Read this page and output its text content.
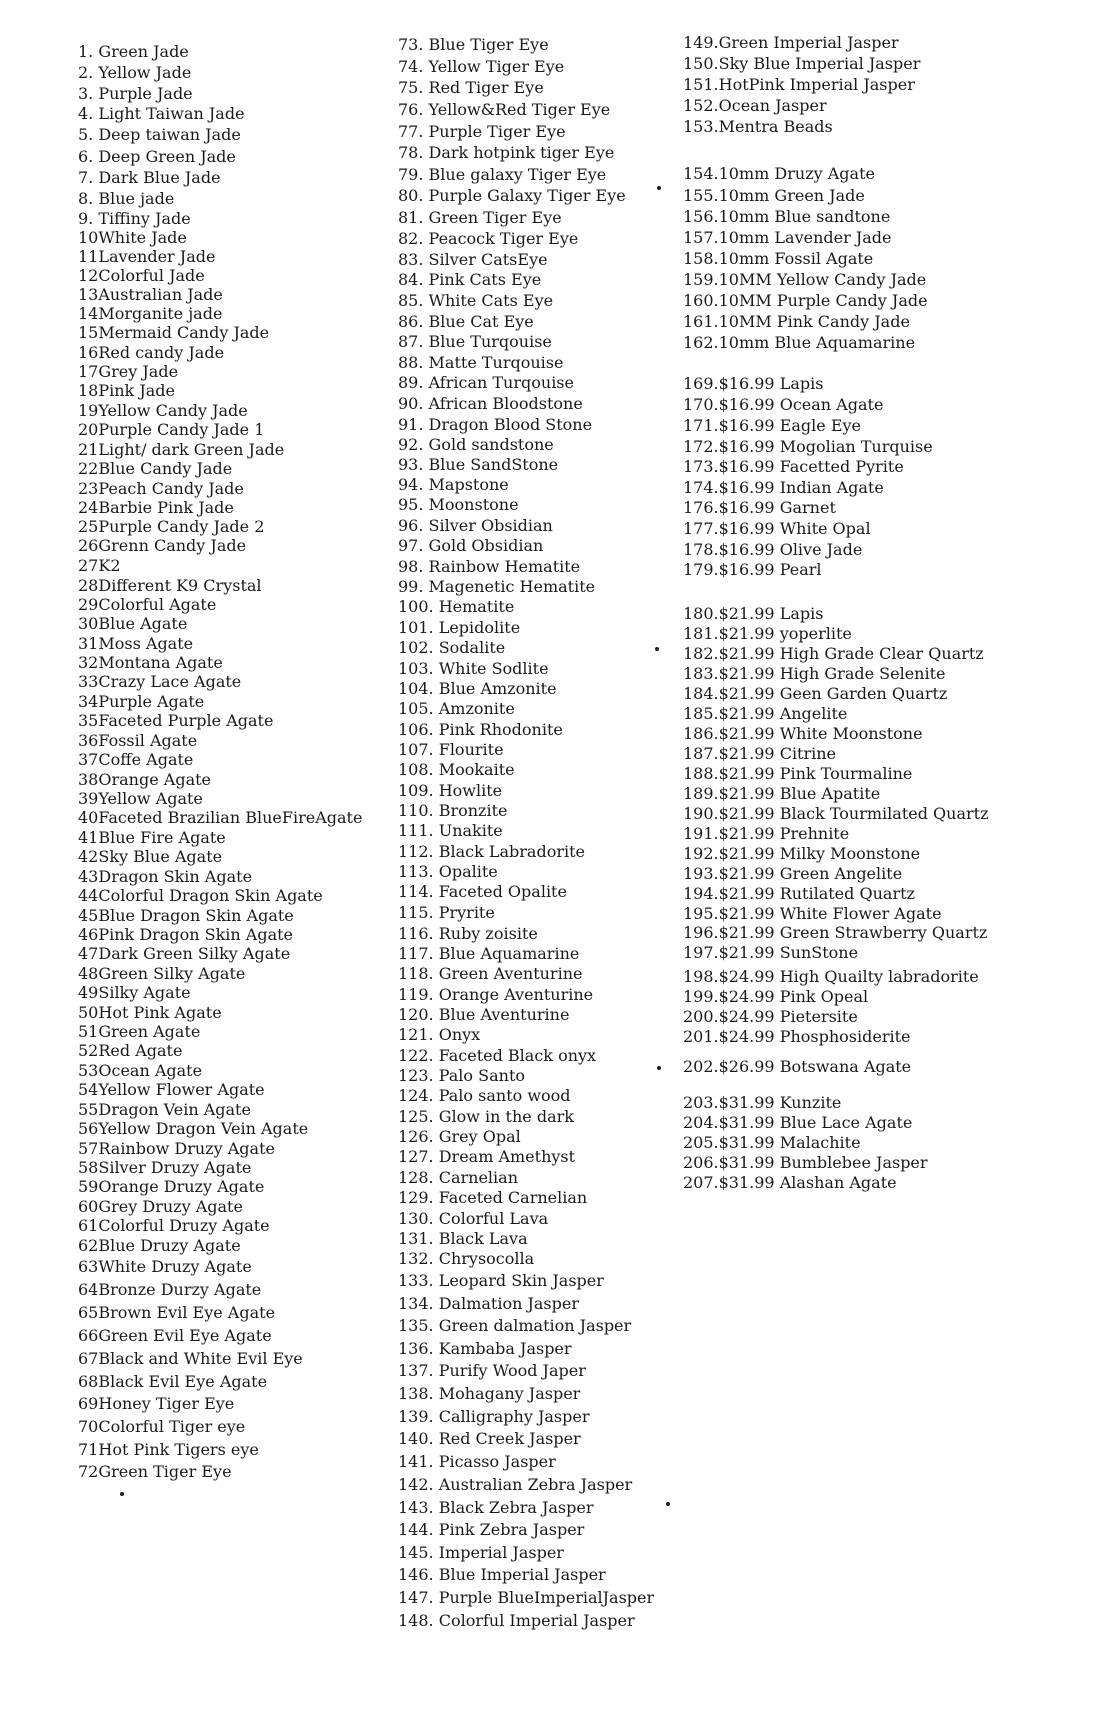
1. Green Jade
2. Yellow Jade
3. Purple Jade
4. Light Taiwan Jade
5. Deep taiwan Jade
6. Deep Green Jade
7. Dark Blue Jade
8. Blue jade
9. Tiffiny Jade
10White Jade
11Lavender Jade
12Colorful Jade
13Australian Jade
14Morganite jade
15Mermaid Candy Jade
16Red candy Jade
17Grey Jade
18Pink Jade
19Yellow Candy Jade
20Purple Candy Jade 1
21Light/ dark Green Jade
22Blue Candy Jade
23Peach Candy Jade
24Barbie Pink Jade
25Purple Candy Jade 2
26Grenn Candy Jade
27K2
28Different K9 Crystal
29Colorful Agate
30Blue Agate
31Moss Agate
32Montana Agate
33Crazy Lace Agate
34Purple Agate
35Faceted Purple Agate
36Fossil Agate
37Coffe Agate
38Orange Agate
39Yellow Agate
40Faceted Brazilian BlueFireAgate
41Blue Fire Agate
42Sky Blue Agate
43Dragon Skin Agate
44Colorful Dragon Skin Agate
45Blue Dragon Skin Agate
46Pink Dragon Skin Agate
47Dark Green Silky Agate
48Green Silky Agate
49Silky Agate
50Hot Pink Agate
51Green Agate
52Red Agate
53Ocean Agate
54Yellow Flower Agate
55Dragon Vein Agate
56Yellow Dragon Vein Agate
57Rainbow Druzy Agate
58Silver Druzy Agate
59Orange Druzy Agate
60Grey Druzy Agate
61Colorful Druzy Agate
62Blue Druzy Agate
63White Druzy Agate
64Bronze Durzy Agate
65Brown Evil Eye Agate
66Green Evil Eye Agate
67Black and White Evil Eye
68Black Evil Eye Agate
69Honey Tiger Eye
70Colorful Tiger eye
71Hot Pink Tigers eye
72Green Tiger Eye
73. Blue Tiger Eye
74. Yellow Tiger Eye
75. Red Tiger Eye
76. Yellow&Red Tiger Eye
77. Purple Tiger Eye
78. Dark hotpink tiger Eye
79. Blue galaxy Tiger Eye
80. Purple Galaxy Tiger Eye
81. Green Tiger Eye
82. Peacock Tiger Eye
83. Silver CatsEye
84. Pink Cats Eye
85. White Cats Eye
86. Blue Cat Eye
87. Blue Turqouise
88. Matte Turqouise
89. African Turqouise
90. African Bloodstone
91. Dragon Blood Stone
92. Gold sandstone
93. Blue SandStone
94. Mapstone
95. Moonstone
96. Silver Obsidian
97. Gold Obsidian
98. Rainbow Hematite
99. Magenetic Hematite
100. Hematite
101. Lepidolite
102. Sodalite
103. White Sodlite
104. Blue Amzonite
105. Amzonite
106. Pink Rhodonite
107. Flourite
108. Mookaite
109. Howlite
110. Bronzite
111. Unakite
112. Black Labradorite
113. Opalite
114. Faceted Opalite
115. Pryrite
116. Ruby zoisite
117. Blue Aquamarine
118. Green Aventurine
119. Orange Aventurine
120. Blue Aventurine
121. Onyx
122. Faceted Black onyx
123. Palo Santo
124. Palo santo wood
125. Glow in the dark
126. Grey Opal
127. Dream Amethyst
128. Carnelian
129. Faceted Carnelian
130. Colorful Lava
131. Black Lava
132. Chrysocolla
133. Leopard Skin Jasper
134. Dalmation Jasper
135. Green dalmation Jasper
136. Kambaba Jasper
137. Purify Wood Japer
138. Mohagany Jasper
139. Calligraphy Jasper
140. Red Creek Jasper
141. Picasso Jasper
142. Australian Zebra Jasper
143. Black Zebra Jasper
144. Pink Zebra Jasper
145. Imperial Jasper
146. Blue Imperial Jasper
147. Purple BlueImperialJasper
148. Colorful Imperial Jasper
149.Green Imperial Jasper
150.Sky Blue Imperial Jasper
151.HotPink Imperial Jasper
152.Ocean Jasper
153.Mentra Beads
154.10mm Druzy Agate
155.10mm Green Jade
156.10mm Blue sandtone
157.10mm Lavender Jade
158.10mm Fossil Agate
159.10MM Yellow Candy Jade
160.10MM Purple Candy Jade
161.10MM Pink Candy Jade
162.10mm Blue Aquamarine
169.$16.99 Lapis
170.$16.99 Ocean Agate
171.$16.99 Eagle Eye
172.$16.99 Mogolian Turquise
173.$16.99 Facetted Pyrite
174.$16.99 Indian Agate
176.$16.99 Garnet
177.$16.99 White Opal
178.$16.99 Olive Jade
179.$16.99 Pearl
180.$21.99 Lapis
181.$21.99 yoperlite
182.$21.99 High Grade Clear Quartz
183.$21.99 High Grade Selenite
184.$21.99 Geen Garden Quartz
185.$21.99 Angelite
186.$21.99 White Moonstone
187.$21.99 Citrine
188.$21.99 Pink Tourmaline
189.$21.99 Blue Apatite
190.$21.99 Black Tourmilated Quartz
191.$21.99 Prehnite
192.$21.99 Milky Moonstone
193.$21.99 Green Angelite
194.$21.99 Rutilated Quartz
195.$21.99 White Flower Agate
196.$21.99 Green Strawberry Quartz
197.$21.99 SunStone
198.$24.99 High Quailty labradorite
199.$24.99 Pink Opeal
200.$24.99 Pietersite
201.$24.99 Phosphosiderite
202.$26.99 Botswana Agate
203.$31.99 Kunzite
204.$31.99 Blue Lace Agate
205.$31.99 Malachite
206.$31.99 Bumblebee Jasper
207.$31.99 Alashan Agate
